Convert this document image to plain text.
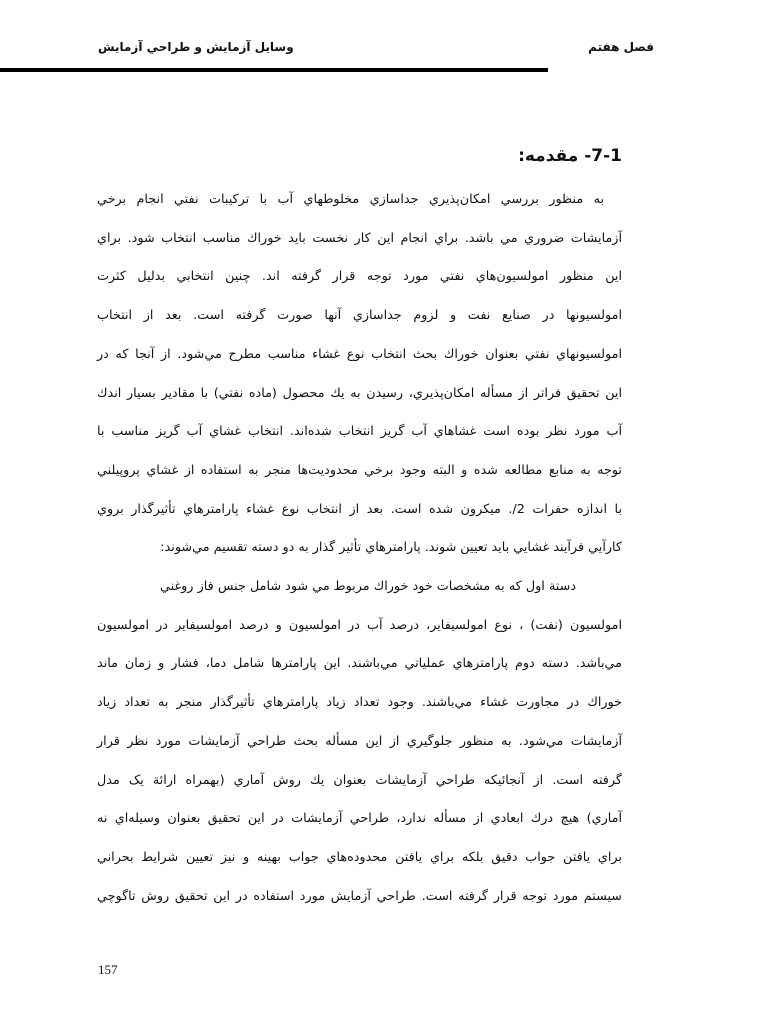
فصل هفتم
وسايل آزمايش و طراحي آزمايش
7-1- مقدمه:
به منظور بررسي امكان‌پذيري جداسازي مخلوطهاي آب با تركيبات نفتي انجام برخي
آزمايشات ضروري مي باشد. براي انجام اين كار نخست بايد خوراك مناسب انتخاب شود. براي
اين منظور امولسيون‌هاي نفتي مورد توجه قرار گرفته اند. چنين انتخابي بدليل كثرت
امولسيونها در صنايع نفت و لزوم جداسازي آنها صورت گرفته است. بعد از انتخاب
امولسيونهاي نفتي بعنوان خوراك بحث انتخاب نوع غشاء مناسب مطرح مي‌شود. از آنجا كه در
اين تحقيق فراتر از مسأله امكان‌پذيري، رسيدن به يك محصول (ماده نفتي) با مقادير بسيار اندك
آب مورد نظر بوده است غشاهاي آب گريز انتخاب شده‌اند. انتخاب غشاي آب گريز مناسب با
توجه به منابع مطالعه شده و البته وجود برخي محدوديت‌ها منجر به استفاده از غشاي پروپيلني
با اندازه حفرات 2/. ميكرون شده است. بعد از انتخاب نوع غشاء پارامترهاي تأثيرگذار بروي
كارآيي فرآيند غشايي بايد تعيين شوند. پارامترهاي تأثير گذار به دو دسته تقسيم مي‌شوند:
دستة اول كه به مشخصات خود خوراك مربوط مي شود شامل جنس فاز روغني
امولسيون (نفت) ، نوع امولسيفاير، درصد آب در امولسيون و درصد امولسيفاير در امولسيون
مي‌باشد. دسته دوم پارامترهاي عملياتي مي‌باشند. اين پارامترها شامل دما، فشار و زمان ماند
خوراك در مجاورت غشاء مي‌باشند. وجود تعداد زياد پارامترهاي تأثيرگذار منجر به تعداد زياد
آزمايشات مي‌شود. به منظور جلوگيري از اين مسأله بحث طراحي آزمايشات مورد نظر قرار
گرفته است. از آنجائيكه طراحي آزمايشات بعنوان يك روش آماري (بهمراه ارائة يک مدل
آماري) هيچ درك ابعادي از مسأله ندارد، طراحي آزمايشات در اين تحقيق بعنوان وسيله‌اي نه
براي يافتن جواب دقيق بلكه براي يافتن محدوده‌هاي جواب بهينه و نيز تعيين شرايط بحراني
سيستم مورد توجه قرار گرفته است. طراحي آزمايش مورد استفاده در اين تحقيق روش تاگوچي
157
